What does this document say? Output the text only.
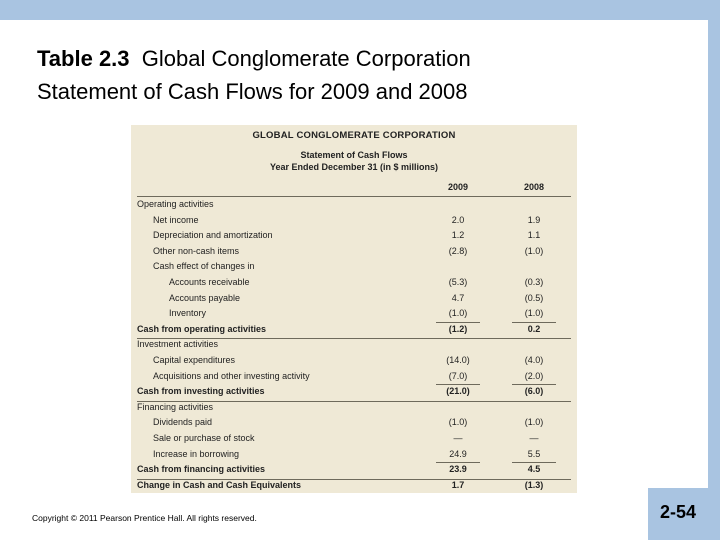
Table 2.3 Global Conglomerate Corporation
Statement of Cash Flows for 2009 and 2008
GLOBAL CONGLOMERATE CORPORATION
Statement of Cash Flows
Year Ended December 31 (in $ millions)
2009	2008
Operating activities
Net income	2.0	1.9
Depreciation and amortization	1.2	1.1
Other non-cash items	(2.8)	(1.0)
Cash effect of changes in
Accounts receivable	(5.3)	(0.3)
Accounts payable	4.7	(0.5)
Inventory	(1.0)	(1.0)
Cash from operating activities	(1.2)	0.2
Investment activities
Capital expenditures	(14.0)	(4.0)
Acquisitions and other investing activity	(7.0)	(2.0)
Cash from investing activities	(21.0)	(6.0)
Financing activities
Dividends paid	(1.0)	(1.0)
Sale or purchase of stock	—	—
Increase in borrowing	24.9	5.5
Cash from financing activities	23.9	4.5
Change in Cash and Cash Equivalents	1.7	(1.3)
Copyright © 2011 Pearson Prentice Hall. All rights reserved.	2-54
